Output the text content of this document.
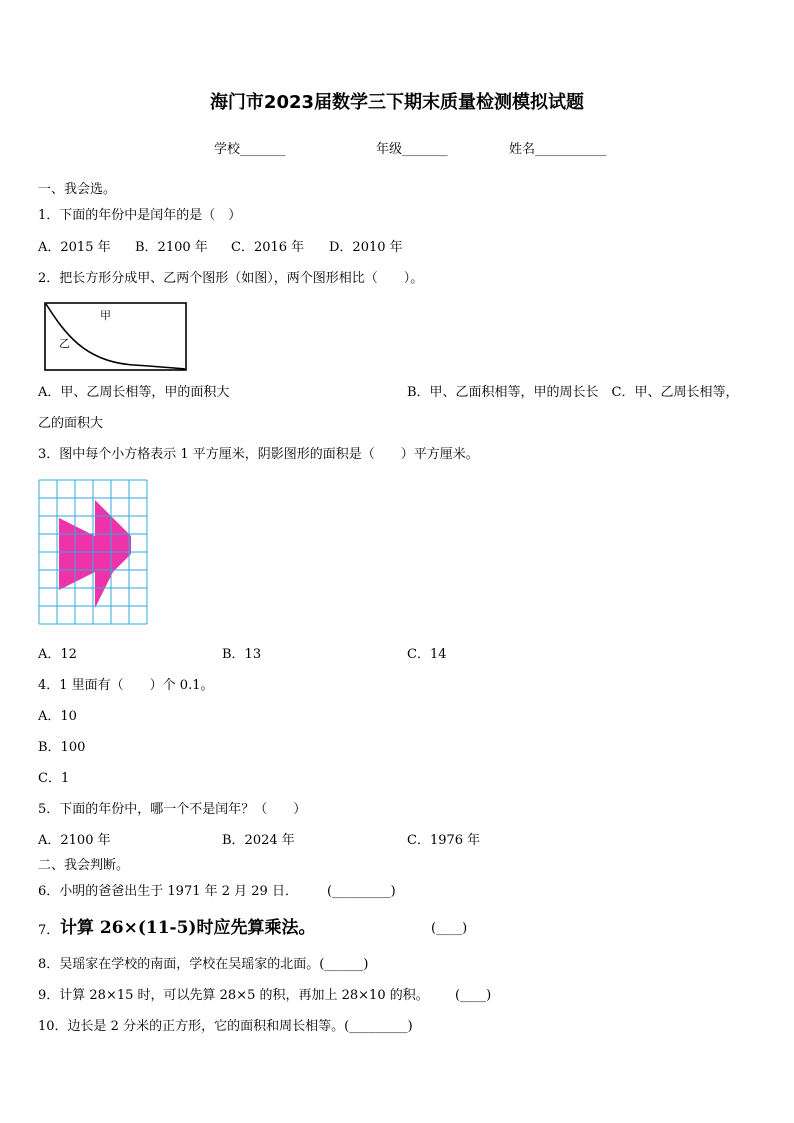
海门市2023届数学三下期末质量检测模拟试题
学校_______	年级_______	姓名___________
一、我会选。
1．下面的年份中是闰年的是（　）
A．2015 年 B．2100 年 C．2016 年 D．2010 年
2．把长方形分成甲、乙两个图形（如图），两个图形相比（　　）。
甲
乙
A．甲、乙周长相等，甲的面积大	B．甲、乙面积相等，甲的周长长　C．甲、乙周长相等，
乙的面积大
3．图中每个小方格表示 1 平方厘米，阴影图形的面积是（　　）平方厘米。
A．12	B．13	C．14
4．1 里面有（　　）个 0.1。
A．10
B．100
C．1
5．下面的年份中，哪一个不是闰年？（　　）
A．2100 年	B．2024 年	C．1976 年
二、我会判断。
6．小明的爸爸出生于 1971 年 2 月 29 日． (_________)
7． 计算 26×(11-5)时应先算乘法。	(____)
8．吴瑶家在学校的南面，学校在吴瑶家的北面。(______)
9．计算 28×15 时，可以先算 28×5 的积，再加上 28×10 的积。 (____)
10．边长是 2 分米的正方形，它的面积和周长相等。(_________)
